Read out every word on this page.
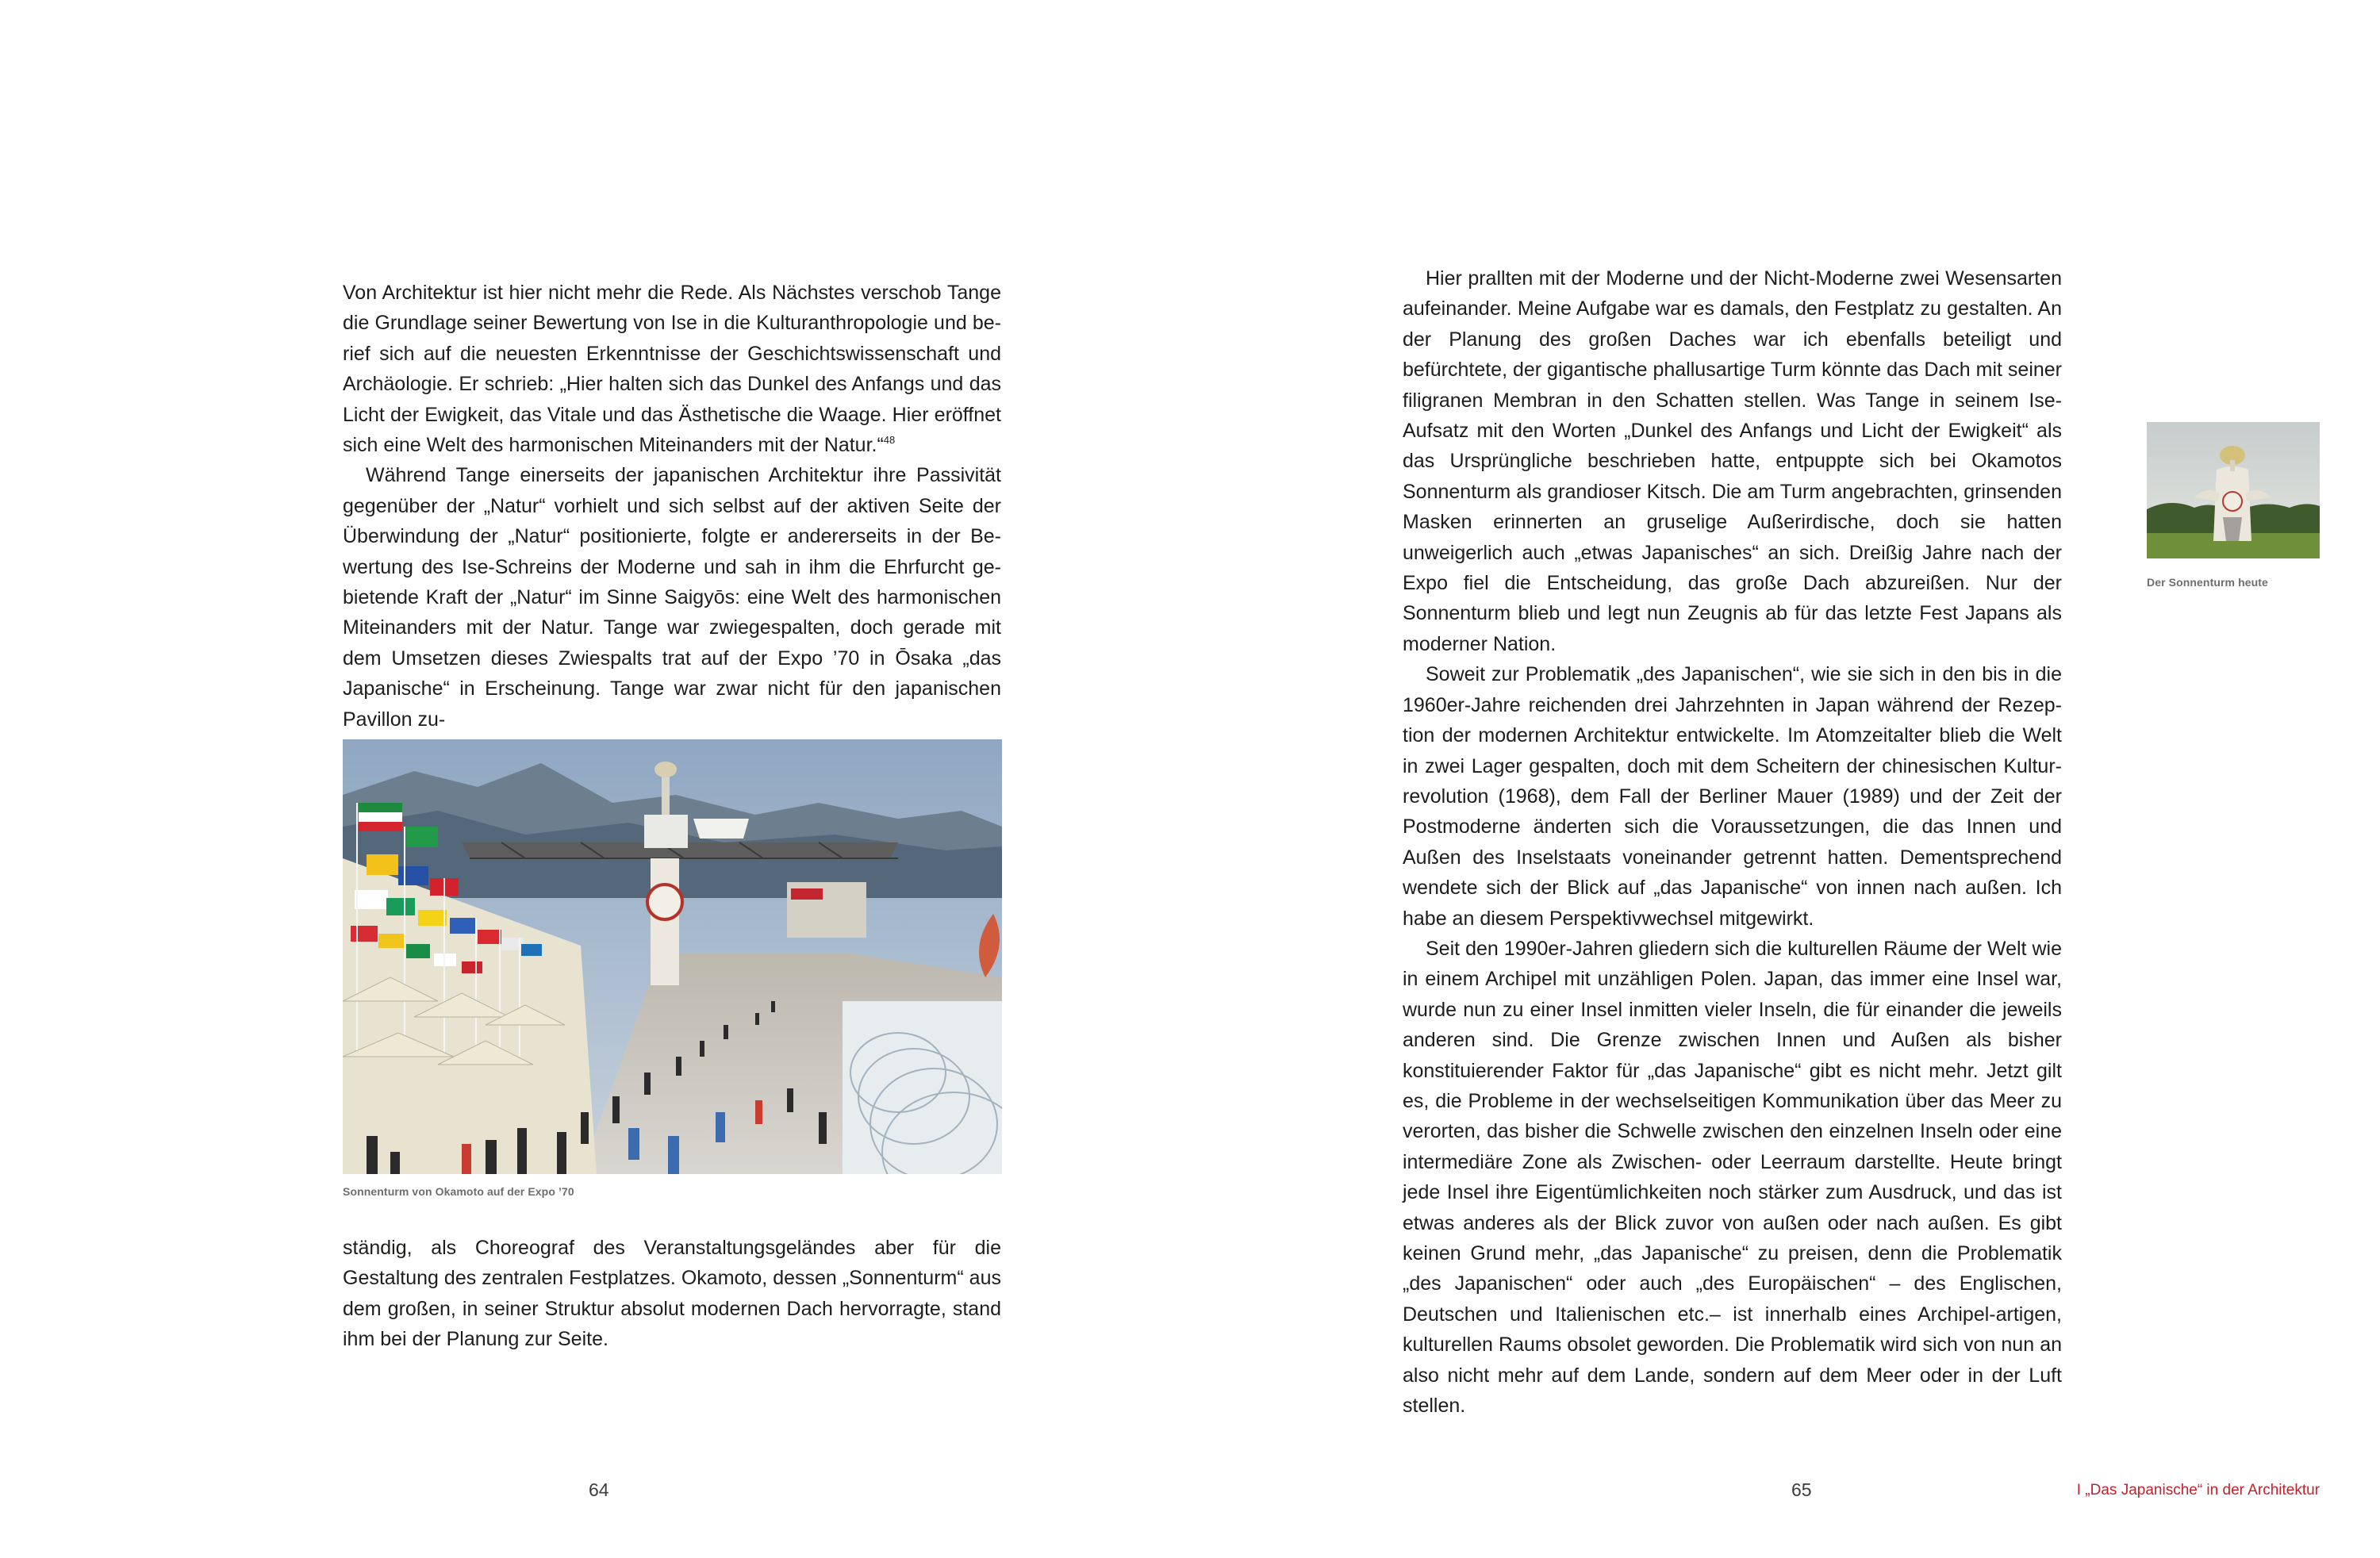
Von Architektur ist hier nicht mehr die Rede. Als Nächstes verschob Tange die Grundlage seiner Bewertung von Ise in die Kulturanthropologie und berief sich auf die neuesten Erkenntnisse der Geschichtswissenschaft und Archäologie. Er schrieb: „Hier halten sich das Dunkel des Anfangs und das Licht der Ewigkeit, das Vitale und das Ästhetische die Waage. Hier eröffnet sich eine Welt des harmonischen Miteinanders mit der Natur.“$^{48}$

Während Tange einerseits der japanischen Architektur ihre Passivität gegenüber der „Natur“ vorhielt und sich selbst auf der aktiven Seite der Überwindung der „Natur“ positionierte, folgte er andererseits in der Bewertung des Ise-Schreins der Moderne und sah in ihm die Ehrfurcht gebietende Kraft der „Natur“ im Sinne Saigyōs: eine Welt des harmonischen Miteinanders mit der Natur. Tange war zwiegespalten, doch gerade mit dem Umsetzen dieses Zwiespalts trat auf der Expo ’70 in Ōsaka „das Japanische“ in Erscheinung. Tange war zwar nicht für den japanischen Pavillon zu-

Sonnenturm von Okamoto auf der Expo ’70

ständig, als Choreograf des Veranstaltungsgeländes aber für die Gestaltung des zentralen Festplatzes. Okamoto, dessen „Sonnenturm“ aus dem großen, in seiner Struktur absolut modernen Dach hervorragte, stand ihm bei der Planung zur Seite.

64

Hier prallten mit der Moderne und der Nicht-Moderne zwei Wesensarten aufeinander. Meine Aufgabe war es damals, den Festplatz zu gestalten. An der Planung des großen Daches war ich ebenfalls beteiligt und befürchtete, der gigantische phallusartige Turm könnte das Dach mit seiner filigranen Membran in den Schatten stellen. Was Tange in seinem Ise-Aufsatz mit den Worten „Dunkel des Anfangs und Licht der Ewigkeit“ als das Ursprüngliche beschrieben hatte, entpuppte sich bei Okamotos Sonnenturm als grandioser Kitsch. Die am Turm angebrachten, grinsenden Masken erinnerten an gruselige Außerirdische, doch sie hatten unweigerlich auch „etwas Japanisches“ an sich. Dreißig Jahre nach der Expo fiel die Entscheidung, das große Dach abzureißen. Nur der Sonnenturm blieb und legt nun Zeugnis ab für das letzte Fest Japans als moderner Nation.

Soweit zur Problematik „des Japanischen“, wie sie sich in den bis in die 1960er-Jahre reichenden drei Jahrzehnten in Japan während der Rezeption der modernen Architektur entwickelte. Im Atomzeitalter blieb die Welt in zwei Lager gespalten, doch mit dem Scheitern der chinesischen Kulturrevolution (1968), dem Fall der Berliner Mauer (1989) und der Zeit der Postmoderne änderten sich die Voraussetzungen, die das Innen und Außen des Inselstaats voneinander getrennt hatten. Dementsprechend wendete sich der Blick auf „das Japanische“ von innen nach außen. Ich habe an diesem Perspektivwechsel mitgewirkt.

Seit den 1990er-Jahren gliedern sich die kulturellen Räume der Welt wie in einem Archipel mit unzähligen Polen. Japan, das immer eine Insel war, wurde nun zu einer Insel inmitten vieler Inseln, die für einander die jeweils anderen sind. Die Grenze zwischen Innen und Außen als bisher konstituierender Faktor für „das Japanische“ gibt es nicht mehr. Jetzt gilt es, die Probleme in der wechselseitigen Kommunikation über das Meer zu verorten, das bisher die Schwelle zwischen den einzelnen Inseln oder eine intermediäre Zone als Zwischen- oder Leerraum darstellte. Heute bringt jede Insel ihre Eigentümlichkeiten noch stärker zum Ausdruck, und das ist etwas anderes als der Blick zuvor von außen oder nach außen. Es gibt keinen Grund mehr, „das Japanische“ zu preisen, denn die Problematik „des Japanischen“ oder auch „des Europäischen“ – des Englischen, Deutschen und Italienischen etc.– ist innerhalb eines Archipel-artigen, kulturellen Raums obsolet geworden. Die Problematik wird sich von nun an also nicht mehr auf dem Lande, sondern auf dem Meer oder in der Luft stellen.

Der Sonnenturm heute
65	I „Das Japanische“ in der Architektur
